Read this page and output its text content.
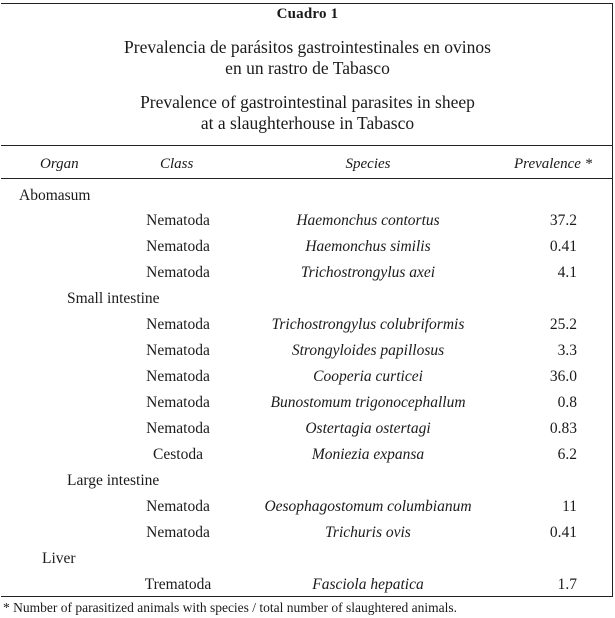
Cuadro 1
Prevalencia de parásitos gastrointestinales en ovinos
en un rastro de Tabasco
Prevalence of gastrointestinal parasites in sheep
at a slaughterhouse in Tabasco
Organ	Class	Species	Prevalence *
Abomasum
Nematoda	Haemonchus contortus	37.2
Nematoda	Haemonchus similis	0.41
Nematoda	Trichostrongylus axei	4.1
Small intestine
Nematoda	Trichostrongylus colubriformis	25.2
Nematoda	Strongyloides papillosus	3.3
Nematoda	Cooperia curticei	36.0
Nematoda	Bunostomum trigonocephallum	0.8
Nematoda	Ostertagia ostertagi	0.83
Cestoda	Moniezia expansa	6.2
Large intestine
Nematoda	Oesophagostomum columbianum	11
Nematoda	Trichuris ovis	0.41
Liver
Trematoda	Fasciola hepatica	1.7
* Number of parasitized animals with species / total number of slaughtered animals.
